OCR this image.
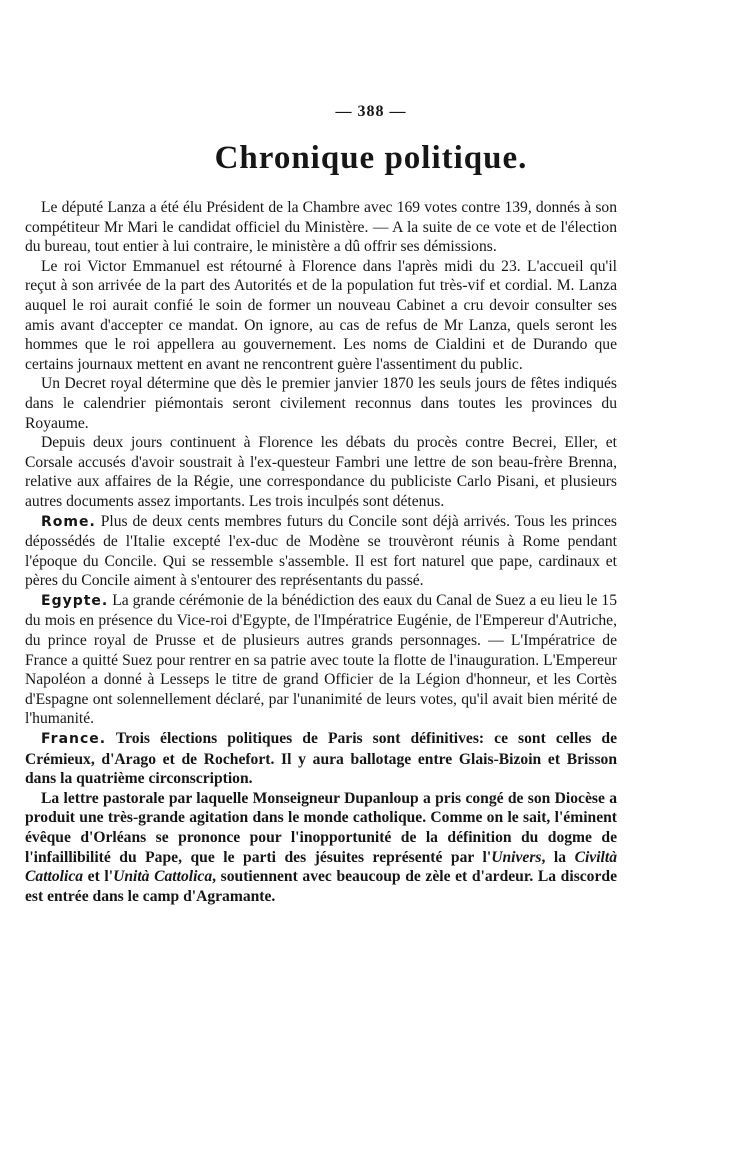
— 388 —
Chronique politique.

Le député Lanza a été élu Président de la Chambre avec 169 votes contre 139, donnés à son compétiteur Mr Mari le candidat officiel du Ministère. — A la suite de ce vote et de l'élection du bureau, tout entier à lui contraire, le ministère a dû offrir ses démissions.

Le roi Victor Emmanuel est rétourné à Florence dans l'après midi du 23. L'accueil qu'il reçut à son arrivée de la part des Autorités et de la population fut très-vif et cordial. M. Lanza auquel le roi aurait confié le soin de former un nouveau Cabinet a cru devoir consulter ses amis avant d'accepter ce mandat. On ignore, au cas de refus de Mr Lanza, quels seront les hommes que le roi appellera au gouvernement. Les noms de Cialdini et de Durando que certains journaux mettent en avant ne rencontrent guère l'assentiment du public.

Un Decret royal détermine que dès le premier janvier 1870 les seuls jours de fêtes indiqués dans le calendrier piémontais seront civilement reconnus dans toutes les provinces du Royaume.

Depuis deux jours continuent à Florence les débats du procès contre Becrei, Eller, et Corsale accusés d'avoir soustrait à l'ex-questeur Fambri une lettre de son beau-frère Brenna, relative aux affaires de la Régie, une correspondance du publiciste Carlo Pisani, et plusieurs autres documents assez importants. Les trois inculpés sont détenus.

Rome. Plus de deux cents membres futurs du Concile sont déjà arrivés. Tous les princes dépossédés de l'Italie excepté l'ex-duc de Modène se trouvèront réunis à Rome pendant l'époque du Concile. Qui se ressemble s'assemble. Il est fort naturel que pape, cardinaux et pères du Concile aiment à s'entourer des représentants du passé.

Egypte. La grande cérémonie de la bénédiction des eaux du Canal de Suez a eu lieu le 15 du mois en présence du Vice-roi d'Egypte, de l'Impératrice Eugénie, de l'Empereur d'Autriche, du prince royal de Prusse et de plusieurs autres grands personnages. — L'Impératrice de France a quitté Suez pour rentrer en sa patrie avec toute la flotte de l'inauguration. L'Empereur Napoléon a donné à Lesseps le titre de grand Officier de la Légion d'honneur, et les Cortès d'Espagne ont solennellement déclaré, par l'unanimité de leurs votes, qu'il avait bien mérité de l'humanité.

France. Trois élections politiques de Paris sont définitives: ce sont celles de Crémieux, d'Arago et de Rochefort. Il y aura ballotage entre Glais-Bizoin et Brisson dans la quatrième circonscription.

La lettre pastorale par laquelle Monseigneur Dupanloup a pris congé de son Diocèse a produit une très-grande agitation dans le monde catholique. Comme on le sait, l'éminent évêque d'Orléans se prononce pour l'inopportunité de la définition du dogme de l'infaillibilité du Pape, que le parti des jésuites représenté par l'Univers, la Civiltà Cattolica et l'Unità Cattolica, soutiennent avec beaucoup de zèle et d'ardeur. La discorde est entrée dans le camp d'Agramante.
